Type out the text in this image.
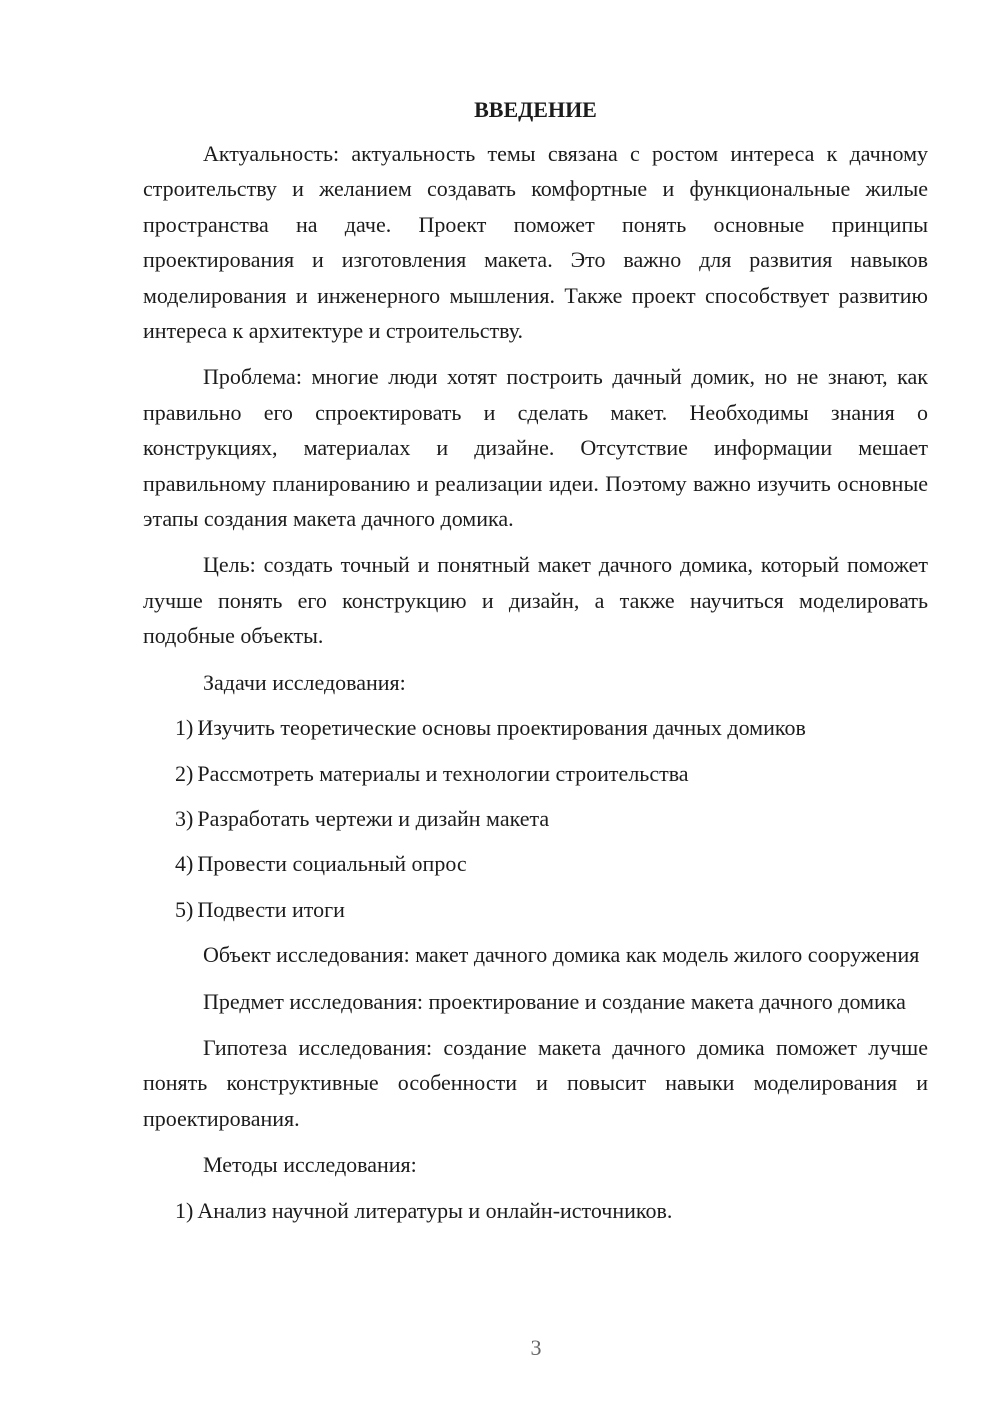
ВВЕДЕНИЕ

Актуальность: актуальность темы связана с ростом интереса к дачному строительству и желанием создавать комфортные и функциональные жилые пространства на даче. Проект поможет понять основные принципы проектирования и изготовления макета. Это важно для развития навыков моделирования и инженерного мышления. Также проект способствует развитию интереса к архитектуре и строительству.

Проблема: многие люди хотят построить дачный домик, но не знают, как правильно его спроектировать и сделать макет. Необходимы знания о конструкциях, материалах и дизайне. Отсутствие информации мешает правильному планированию и реализации идеи. Поэтому важно изучить основные этапы создания макета дачного домика.

Цель: создать точный и понятный макет дачного домика, который поможет лучше понять его конструкцию и дизайн, а также научиться моделировать подобные объекты.

Задачи исследования:

1) Изучить теоретические основы проектирования дачных домиков
2) Рассмотреть материалы и технологии строительства
3) Разработать чертежи и дизайн макета
4) Провести социальный опрос
5) Подвести итоги

Объект исследования: макет дачного домика как модель жилого сооружения

Предмет исследования: проектирование и создание макета дачного домика

Гипотеза исследования: создание макета дачного домика поможет лучше понять конструктивные особенности и повысит навыки моделирования и проектирования.

Методы исследования:

1) Анализ научной литературы и онлайн-источников.
3
